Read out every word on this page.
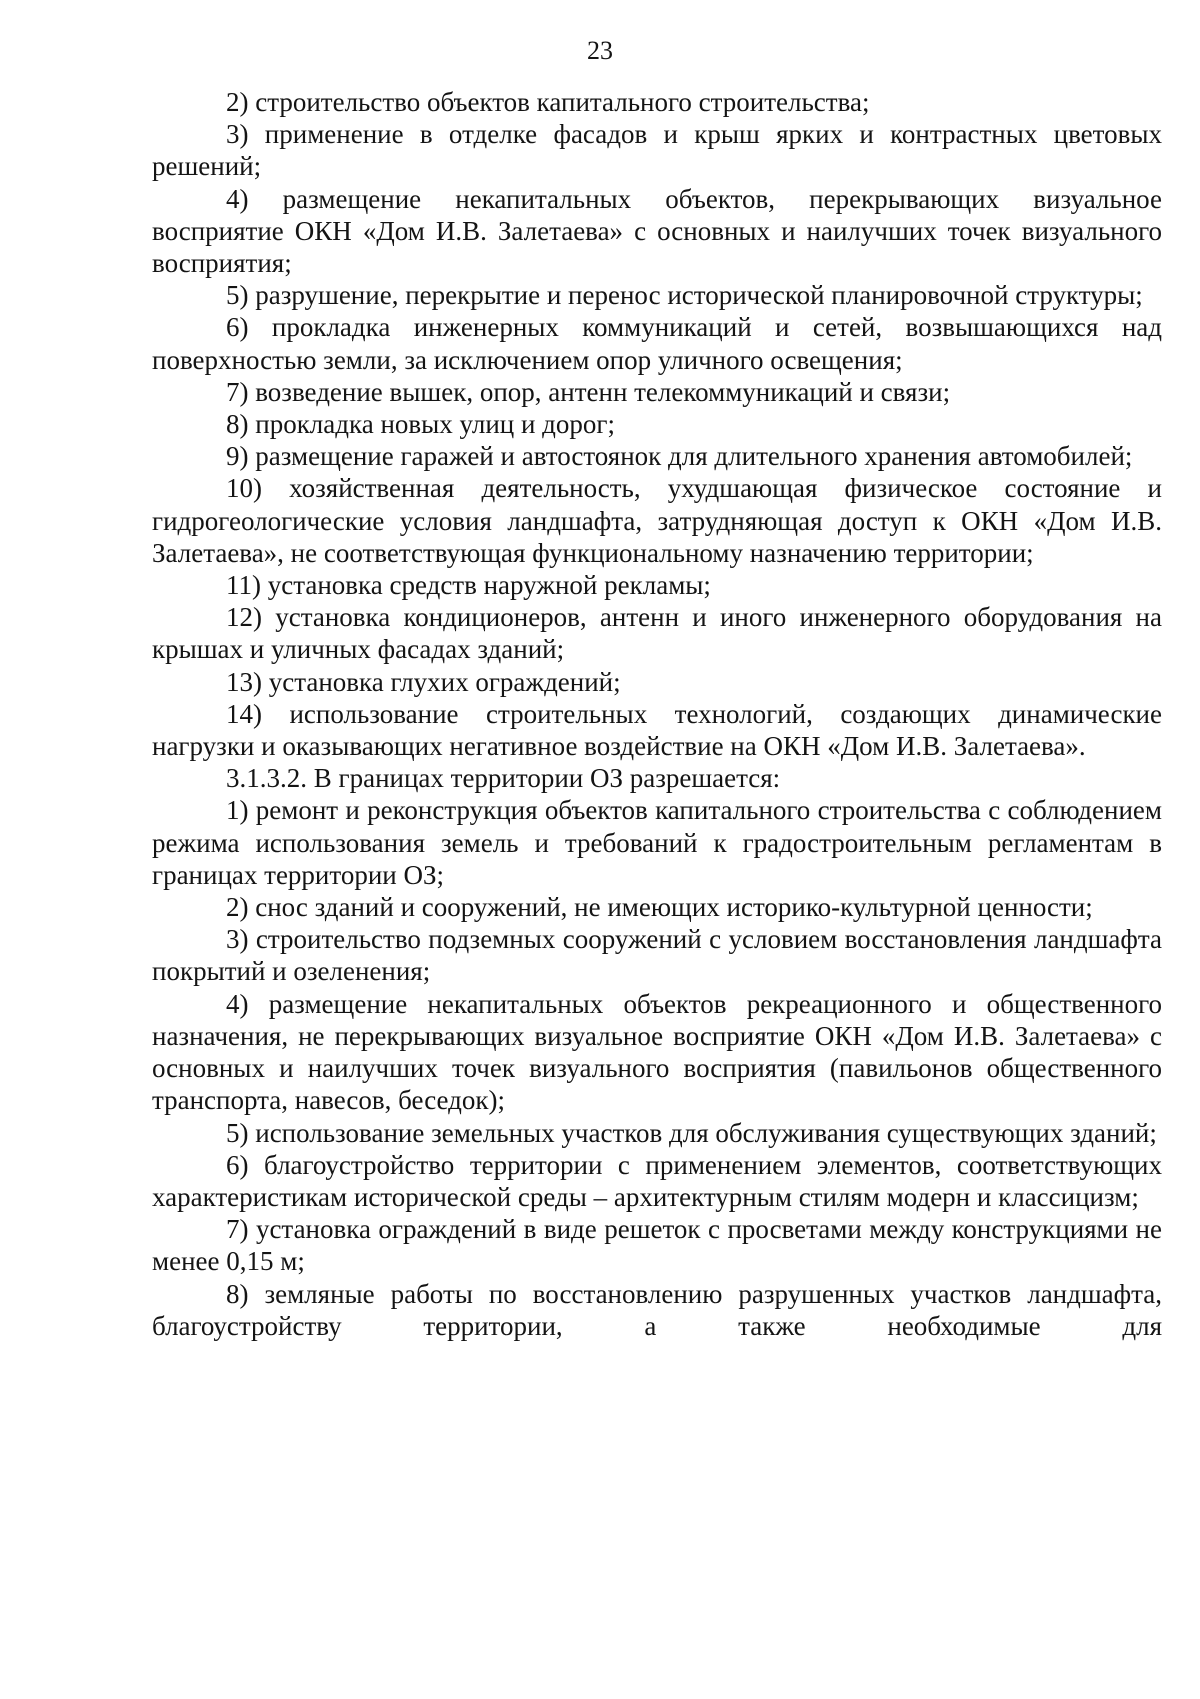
23

2) строительство объектов капитального строительства;

3) применение в отделке фасадов и крыш ярких и контрастных цветовых решений;

4) размещение некапитальных объектов, перекрывающих визуальное восприятие ОКН «Дом И.В. Залетаева» с основных и наилучших точек визуального восприятия;

5) разрушение, перекрытие и перенос исторической планировочной структуры;

6) прокладка инженерных коммуникаций и сетей, возвышающихся над поверхностью земли, за исключением опор уличного освещения;

7) возведение вышек, опор, антенн телекоммуникаций и связи;

8) прокладка новых улиц и дорог;

9) размещение гаражей и автостоянок для длительного хранения автомобилей;

10) хозяйственная деятельность, ухудшающая физическое состояние и гидрогеологические условия ландшафта, затрудняющая доступ к ОКН «Дом И.В. Залетаева», не соответствующая функциональному назначению территории;

11) установка средств наружной рекламы;

12) установка кондиционеров, антенн и иного инженерного оборудования на крышах и уличных фасадах зданий;

13) установка глухих ограждений;

14) использование строительных технологий, создающих динамические нагрузки и оказывающих негативное воздействие на ОКН «Дом И.В. Залетаева».

3.1.3.2. В границах территории ОЗ разрешается:

1) ремонт и реконструкция объектов капитального строительства с соблюдением режима использования земель и требований к градостроительным регламентам в границах территории ОЗ;

2) снос зданий и сооружений, не имеющих историко-культурной ценности;

3) строительство подземных сооружений с условием восстановления ландшафта покрытий и озеленения;

4) размещение некапитальных объектов рекреационного и общественного назначения, не перекрывающих визуальное восприятие ОКН «Дом И.В. Залетаева» с основных и наилучших точек визуального восприятия (павильонов общественного транспорта, навесов, беседок);

5) использование земельных участков для обслуживания существующих зданий;

6) благоустройство территории с применением элементов, соответствующих характеристикам исторической среды – архитектурным стилям модерн и классицизм;

7) установка ограждений в виде решеток с просветами между конструкциями не менее 0,15 м;

8) земляные работы по восстановлению разрушенных участков ландшафта, благоустройству территории, а также необходимые для
